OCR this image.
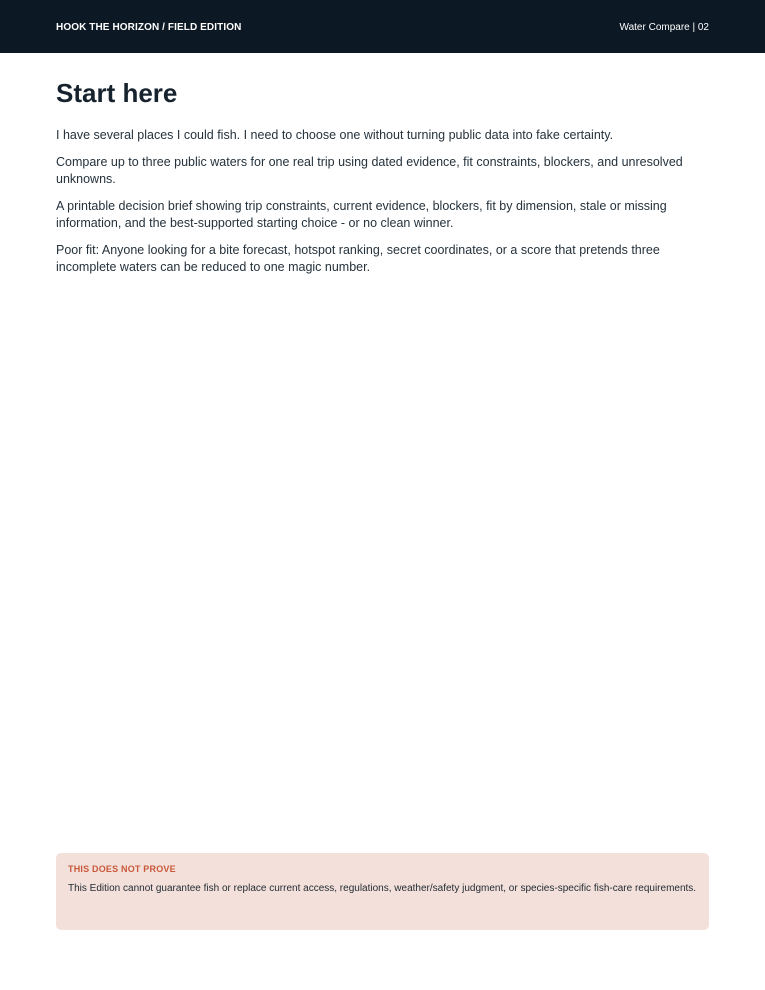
HOOK THE HORIZON / FIELD EDITION	Water Compare | 02
Start here

I have several places I could fish. I need to choose one without turning public data into fake certainty.

Compare up to three public waters for one real trip using dated evidence, fit constraints, blockers, and unresolved unknowns.

A printable decision brief showing trip constraints, current evidence, blockers, fit by dimension, stale or missing information, and the best-supported starting choice - or no clean winner.

Poor fit: Anyone looking for a bite forecast, hotspot ranking, secret coordinates, or a score that pretends three incomplete waters can be reduced to one magic number.

THIS DOES NOT PROVE
This Edition cannot guarantee fish or replace current access, regulations, weather/safety judgment, or species-specific fish-care requirements.
